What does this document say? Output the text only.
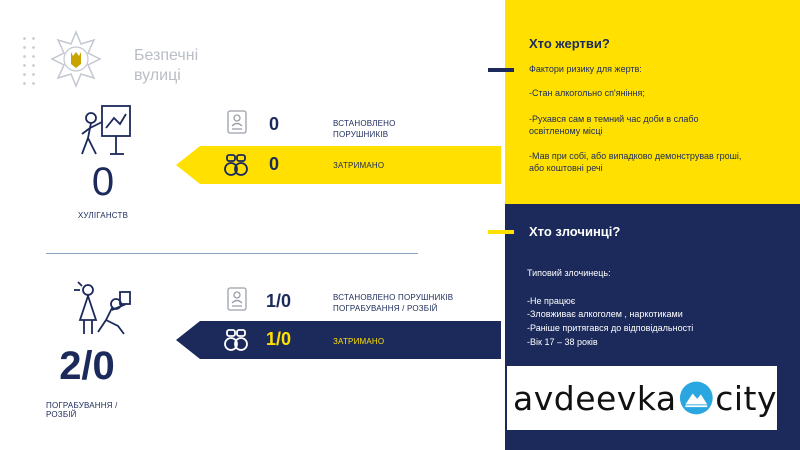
Безпечні
вулиці
0
ХУЛІГАНСТВ
0	ВСТАНОВЛЕНО ПОРУШНИКІВ
0	ЗАТРИМАНО
2/0
ПОГРАБУВАННЯ / РОЗБІЙ
1/0	ВСТАНОВЛЕНО ПОРУШНИКІВ
ПОГРАБУВАННЯ / РОЗБІЙ
1/0	ЗАТРИМАНО
Хто жертви?
Фактори ризику для жертв:
-Стан алкогольно сп'яніння;
-Рухався сам в темний час доби в слабо освітленому місці
-Мав при собі, або випадково демонстрував гроші, або коштовні речі
Хто злочинці?
Типовий злочинець:
-Не працює
-Зловживає алкоголем , наркотиками
-Раніше притягався до відповідальності
-Вік 17 – 38 років
avdeevka city
